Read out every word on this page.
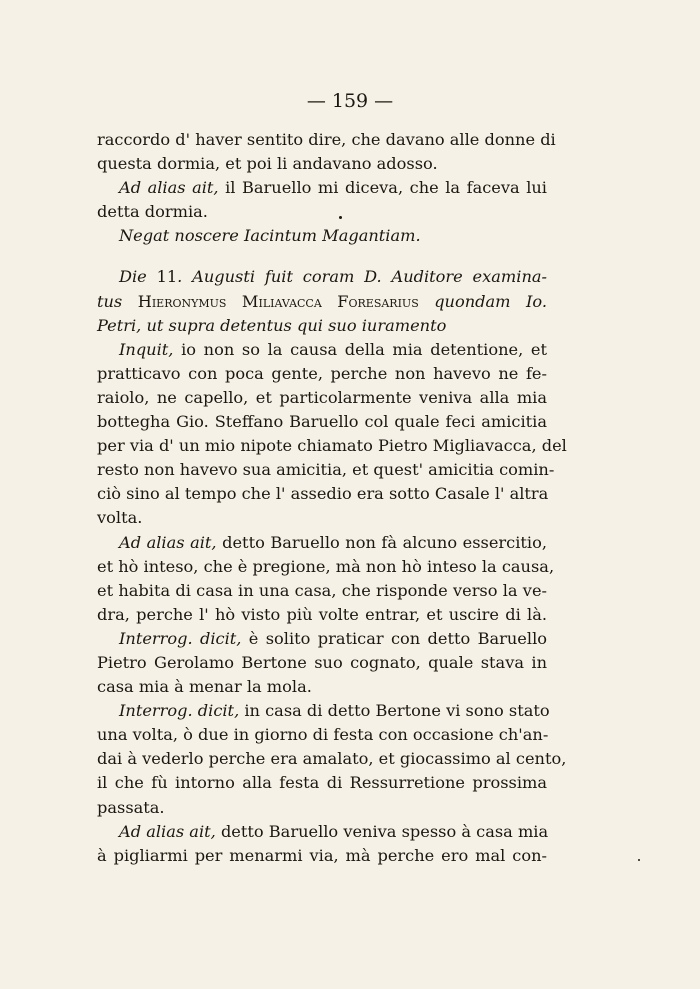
— 159 —
raccordo d' haver sentito dire, che davano alle donne di
questa dormia, et poi li andavano adosso.
Ad alias ait, il Baruello mi diceva, che la faceva lui
detta dormia.
Negat noscere Iacintum Magantiam.
Die 11. Augusti fuit coram D. Auditore examina-
tus Hieronymus Miliavacca Foresarius quondam Io.
Petri, ut supra detentus qui suo iuramento
Inquit, io non so la causa della mia detentione, et
pratticavo con poca gente, perche non havevo ne fe-
raiolo, ne capello, et particolarmente veniva alla mia
bottegha Gio. Steffano Baruello col quale feci amicitia
per via d' un mio nipote chiamato Pietro Migliavacca, del
resto non havevo sua amicitia, et quest' amicitia comin-
ciò sino al tempo che l' assedio era sotto Casale l' altra
volta.
Ad alias ait, detto Baruello non fà alcuno essercitio,
et hò inteso, che è pregione, mà non hò inteso la causa,
et habita di casa in una casa, che risponde verso la ve-
dra, perche l' hò visto più volte entrar, et uscire di là.
Interrog. dicit, è solito praticar con detto Baruello
Pietro Gerolamo Bertone suo cognato, quale stava in
casa mia à menar la mola.
Interrog. dicit, in casa di detto Bertone vi sono stato
una volta, ò due in giorno di festa con occasione ch'an-
dai à vederlo perche era amalato, et giocassimo al cento,
il che fù intorno alla festa di Ressurretione prossima
passata.
Ad alias ait, detto Baruello veniva spesso à casa mia
à pigliarmi per menarmi via, mà perche ero mal con-
